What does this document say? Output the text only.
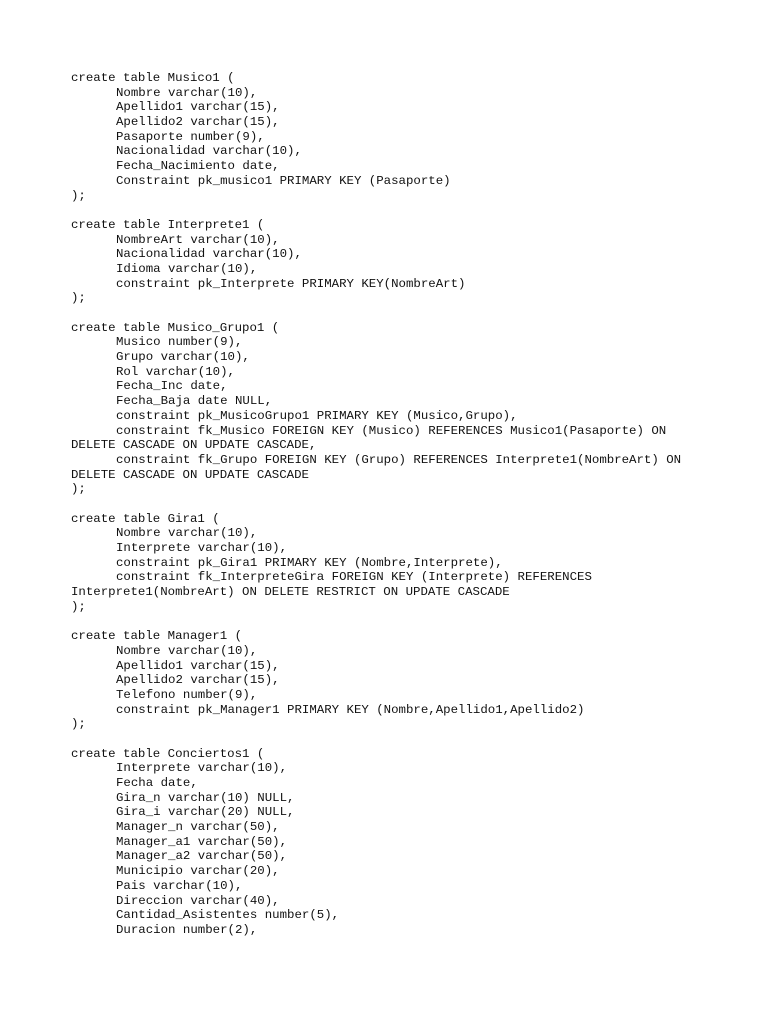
create table Musico1 (
Nombre varchar(10),
Apellido1 varchar(15),
Apellido2 varchar(15),
Pasaporte number(9),
Nacionalidad varchar(10),
Fecha_Nacimiento date,
Constraint pk_musico1 PRIMARY KEY (Pasaporte)
);
create table Interprete1 (
NombreArt varchar(10),
Nacionalidad varchar(10),
Idioma varchar(10),
constraint pk_Interprete PRIMARY KEY(NombreArt)
);
create table Musico_Grupo1 (
Musico number(9),
Grupo varchar(10),
Rol varchar(10),
Fecha_Inc date,
Fecha_Baja date NULL,
constraint pk_MusicoGrupo1 PRIMARY KEY (Musico,Grupo),
constraint fk_Musico FOREIGN KEY (Musico) REFERENCES Musico1(Pasaporte) ON
DELETE CASCADE ON UPDATE CASCADE,
constraint fk_Grupo FOREIGN KEY (Grupo) REFERENCES Interprete1(NombreArt) ON
DELETE CASCADE ON UPDATE CASCADE
);
create table Gira1 (
Nombre varchar(10),
Interprete varchar(10),
constraint pk_Gira1 PRIMARY KEY (Nombre,Interprete),
constraint fk_InterpreteGira FOREIGN KEY (Interprete) REFERENCES
Interprete1(NombreArt) ON DELETE RESTRICT ON UPDATE CASCADE
);
create table Manager1 (
Nombre varchar(10),
Apellido1 varchar(15),
Apellido2 varchar(15),
Telefono number(9),
constraint pk_Manager1 PRIMARY KEY (Nombre,Apellido1,Apellido2)
);
create table Conciertos1 (
Interprete varchar(10),
Fecha date,
Gira_n varchar(10) NULL,
Gira_i varchar(20) NULL,
Manager_n varchar(50),
Manager_a1 varchar(50),
Manager_a2 varchar(50),
Municipio varchar(20),
Pais varchar(10),
Direccion varchar(40),
Cantidad_Asistentes number(5),
Duracion number(2),
